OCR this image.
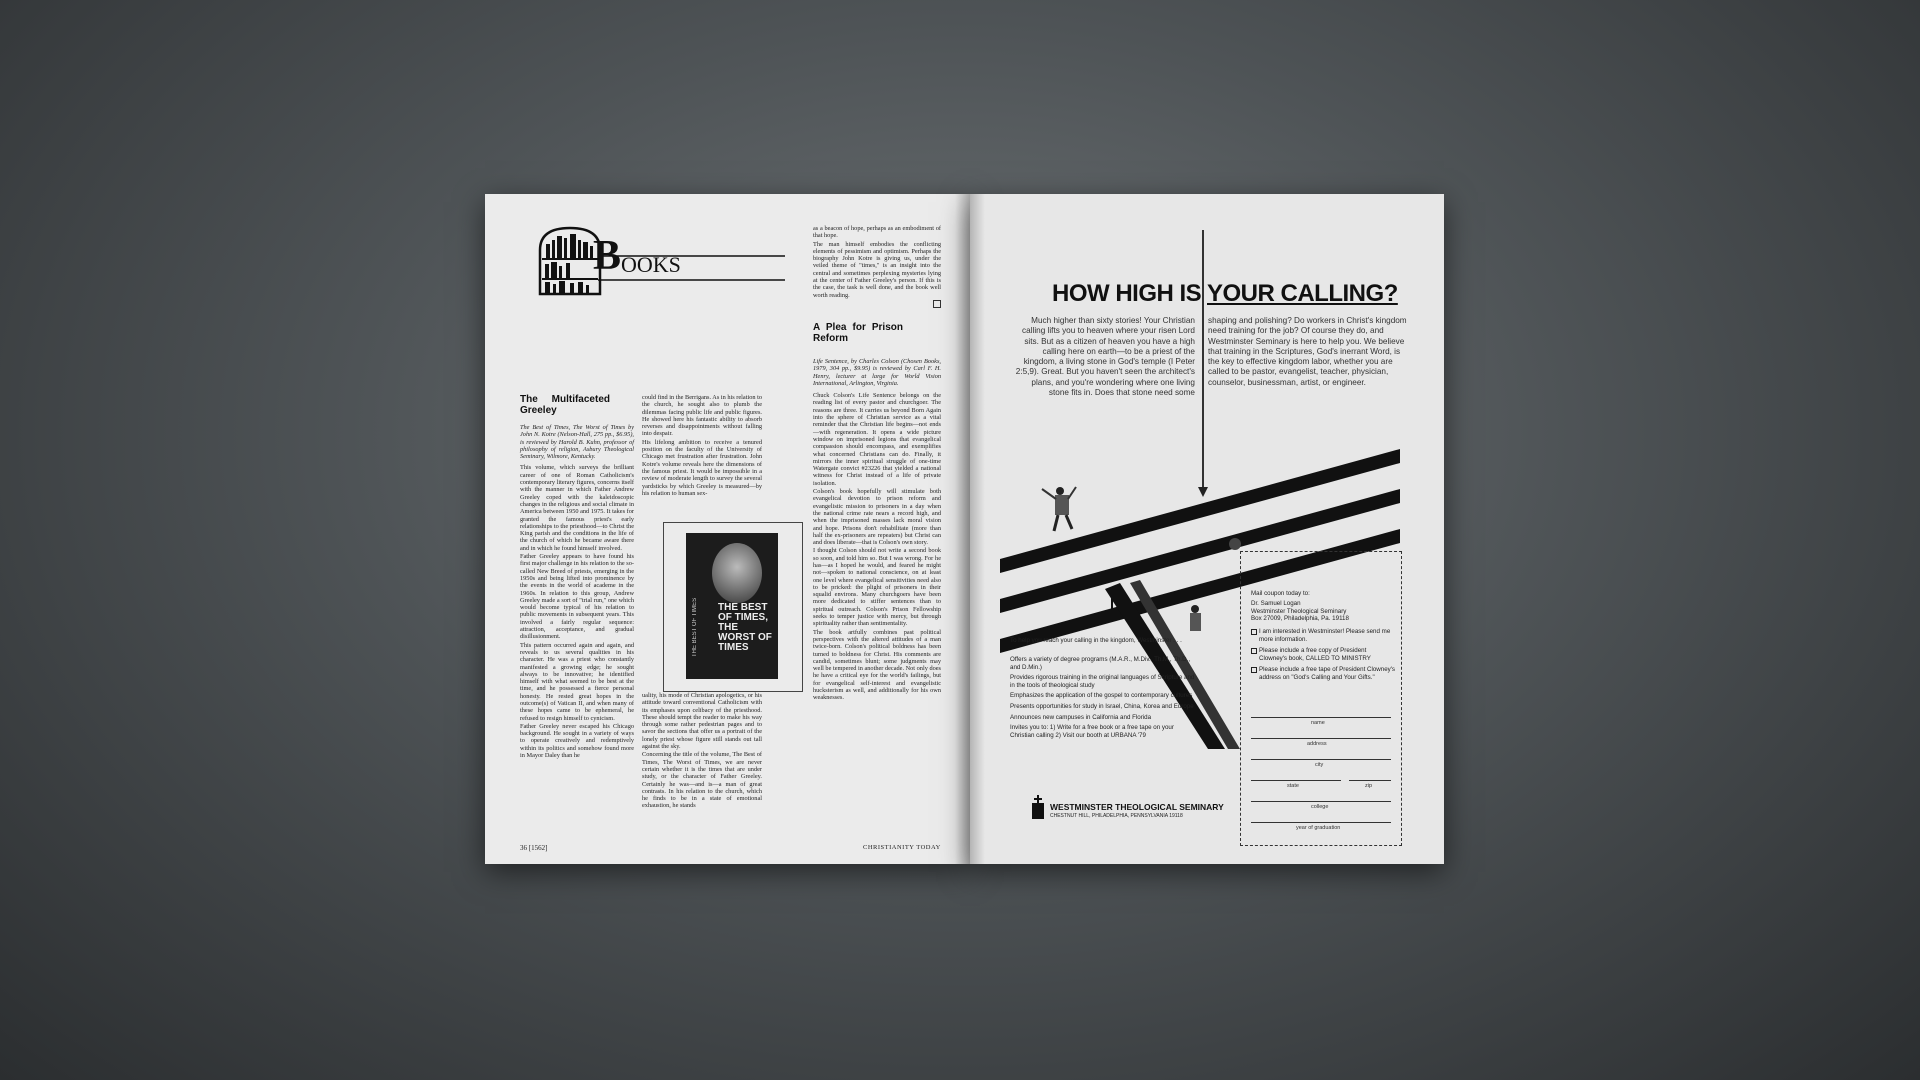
B OOKS
The Multifaceted Greeley

The Best of Times, The Worst of Times by John N. Kotre (Nelson-Hall, 275 pp., $6.95), is reviewed by Harold B. Kuhn, professor of philosophy of religion, Asbury Theological Seminary, Wilmore, Kentucky.

This volume, which surveys the brilliant career of one of Roman Catholicism's contemporary literary figures, concerns itself with the manner in which Father Andrew Greeley coped with the kaleidoscopic changes in the religious and social climate in America between 1950 and 1975. It takes for granted the famous priest's early relationships to the priesthood—to Christ the King parish and the conditions in the life of the church of which he became aware there and in which he found himself involved.

Father Greeley appears to have found his first major challenge in his relation to the so-called New Breed of priests, emerging in the 1950s and being lifted into prominence by the events in the world of academe in the 1960s. In relation to this group, Andrew Greeley made a sort of "trial run," one which would become typical of his relation to public movements in subsequent years. This involved a fairly regular sequence: attraction, acceptance, and gradual disillusionment.

This pattern occurred again and again, and reveals to us several qualities in his character. He was a priest who constantly manifested a growing edge; he sought always to be innovative; he identified himself with what seemed to be best at the time, and he possessed a fierce personal honesty. He rested great hopes in the outcome(s) of Vatican II, and when many of these hopes came to be ephemeral, he refused to resign himself to cynicism.

Father Greeley never escaped his Chicago background. He sought in a variety of ways to operate creatively and redemptively within its politics and somehow found more in Mayor Daley than he

could find in the Berrigans. As in his relation to the church, he sought also to plumb the dilemmas facing public life and public figures. He showed here his fantastic ability to absorb reverses and disappointments without falling into despair.

His lifelong ambition to receive a tenured position on the faculty of the University of Chicago met frustration after frustration. John Kotre's volume reveals here the dimensions of the famous priest. It would be impossible in a review of moderate length to survey the several yardsticks by which Greeley is measured—by his relation to human sex-

THE BEST OF TIMES	THE BEST OF TIMES,
THE WORST OF TIMES

uality, his mode of Christian apologetics, or his attitude toward conventional Catholicism with its emphases upon celibacy of the priesthood. These should tempt the reader to make his way through some rather pedestrian pages and to savor the sections that offer us a portrait of the lonely priest whose figure still stands out tall against the sky.

Concerning the title of the volume, The Best of Times, The Worst of Times, we are never certain whether it is the times that are under study, or the character of Father Greeley. Certainly he was—and is—a man of great contrasts. In his relation to the church, which he finds to be in a state of emotional exhaustion, he stands

as a beacon of hope, perhaps as an embodiment of that hope.

The man himself embodies the conflicting elements of pessimism and optimism. Perhaps the biography John Kotre is giving us, under the veiled theme of "times," is an insight into the central and sometimes perplexing mysteries lying at the center of Father Greeley's person. If this is the case, the task is well done, and the book well worth reading.

A Plea for Prison Reform

Life Sentence, by Charles Colson (Chosen Books, 1979, 304 pp., $9.95) is reviewed by Carl F. H. Henry, lecturer at large for World Vision International, Arlington, Virginia.

Chuck Colson's Life Sentence belongs on the reading list of every pastor and churchgoer. The reasons are three. It carries us beyond Born Again into the sphere of Christian service as a vital reminder that the Christian life begins—not ends—with regeneration. It opens a wide picture window on imprisoned legions that evangelical compassion should encompass, and exemplifies what concerned Christians can do. Finally, it mirrors the inner spiritual struggle of one-time Watergate convict #23226 that yielded a national witness for Christ instead of a life of private isolation.

Colson's book hopefully will stimulate both evangelical devotion to prison reform and evangelistic mission to prisoners in a day when the national crime rate nears a record high, and when the imprisoned masses lack moral vision and hope. Prisons don't rehabilitate (more than half the ex-prisoners are repeaters) but Christ can and does liberate—that is Colson's own story.

I thought Colson should not write a second book so soon, and told him so. But I was wrong. For he has—as I hoped he would, and feared he might not—spoken to national conscience, on at least one level where evangelical sensitivities need also to be pricked: the plight of prisoners in their squalid environs. Many churchgoers have been more dedicated to stiffer sentences than to spiritual outreach. Colson's Prison Fellowship seeks to temper justice with mercy, but through spirituality rather than sentimentality.

The book artfully combines past political perspectives with the altered attitudes of a man twice-born. Colson's political boldness has been turned to boldness for Christ. His comments are candid, sometimes blunt; some judgments may well be tempered in another decade. Not only does he have a critical eye for the world's failings, but for evangelical self-interest and evangelistic hucksterism as well, and additionally for his own weaknesses.

36 [1562]	CHRISTIANITY TODAY
HOW HIGH IS YOUR CALLING?
Much higher than sixty stories! Your Christian calling lifts you to heaven where your risen Lord sits. But as a citizen of heaven you have a high calling here on earth—to be a priest of the kingdom, a living stone in God's temple (I Peter 2:5,9). Great. But you haven't seen the architect's plans, and you're wondering where one living stone fits in. Does that stone need some
shaping and polishing? Do workers in Christ's kingdom need training for the job? Of course they do, and Westminster Seminary is here to help you. We believe that training in the Scriptures, God's inerrant Word, is the key to effective kingdom labor, whether you are called to be pastor, evangelist, teacher, physician, counselor, businessman, artist, or engineer.
To help you reach your calling in the kingdom, Westminster . . .
Offers a variety of degree programs (M.A.R., M.Div., Th.M., Th.D., and D.Min.)
Provides rigorous training in the original languages of Scripture and in the tools of theological study
Emphasizes the application of the gospel to contemporary cultures
Presents opportunities for study in Israel, China, Korea and Europe
Announces new campuses in California and Florida
Invites you to: 1) Write for a free book or a free tape on your Christian calling 2) Visit our booth at URBANA '79
WESTMINSTER THEOLOGICAL SEMINARY
CHESTNUT HILL, PHILADELPHIA, PENNSYLVANIA 19118
Mail coupon today to:
Dr. Samuel Logan
Westminster Theological Seminary
Box 27009, Philadelphia, Pa. 19118
I am interested in Westminster! Please send me more information.
Please include a free copy of President Clowney's book, CALLED TO MINISTRY
Please include a free tape of President Clowney's address on "God's Calling and Your Gifts."
name
address
city
state	zip
college
year of graduation
